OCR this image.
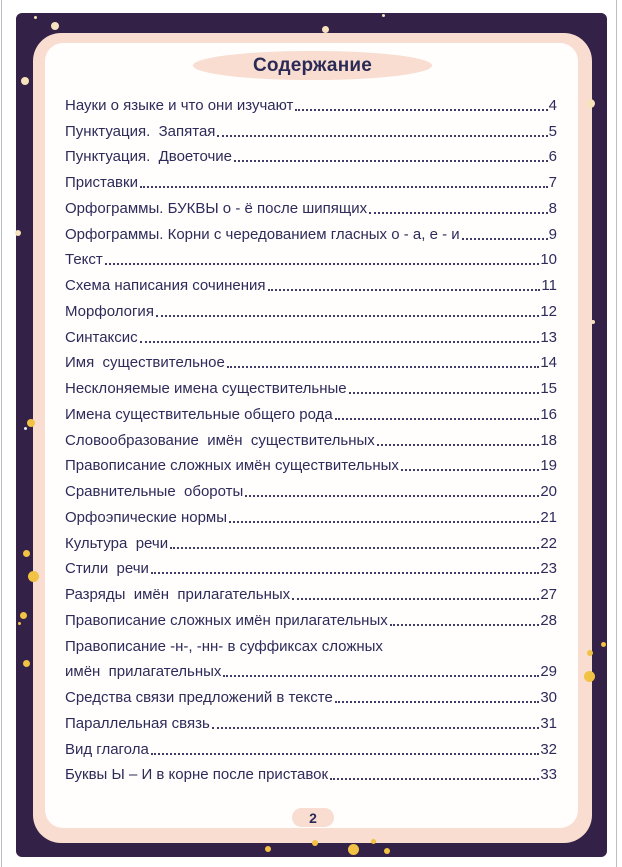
Содержание
Науки о языке и что они изучают	4
Пунктуация.  Запятая	5
Пунктуация.  Двоеточие	6
Приставки	7
Орфограммы. БУКВЫ о - ё после шипящих	8
Орфограммы. Корни с чередованием гласных о - а, е - и	9
Текст	10
Схема написания сочинения	11
Морфология	12
Синтаксис	13
Имя  существительное	14
Несклоняемые имена существительные	15
Имена существительные общего рода	16
Словообразование  имён  существительных	18
Правописание сложных имён существительных	19
Сравнительные  обороты	20
Орфоэпические нормы	21
Культура  речи	22
Стили  речи	23
Разряды  имён  прилагательных	27
Правописание сложных имён прилагательных	28
Правописание -н-, -нн- в суффиксах сложных
имён  прилагательных	29
Средства связи предложений в тексте	30
Параллельная связь	31
Вид глагола	32
Буквы Ы – И в корне после приставок	33
2
